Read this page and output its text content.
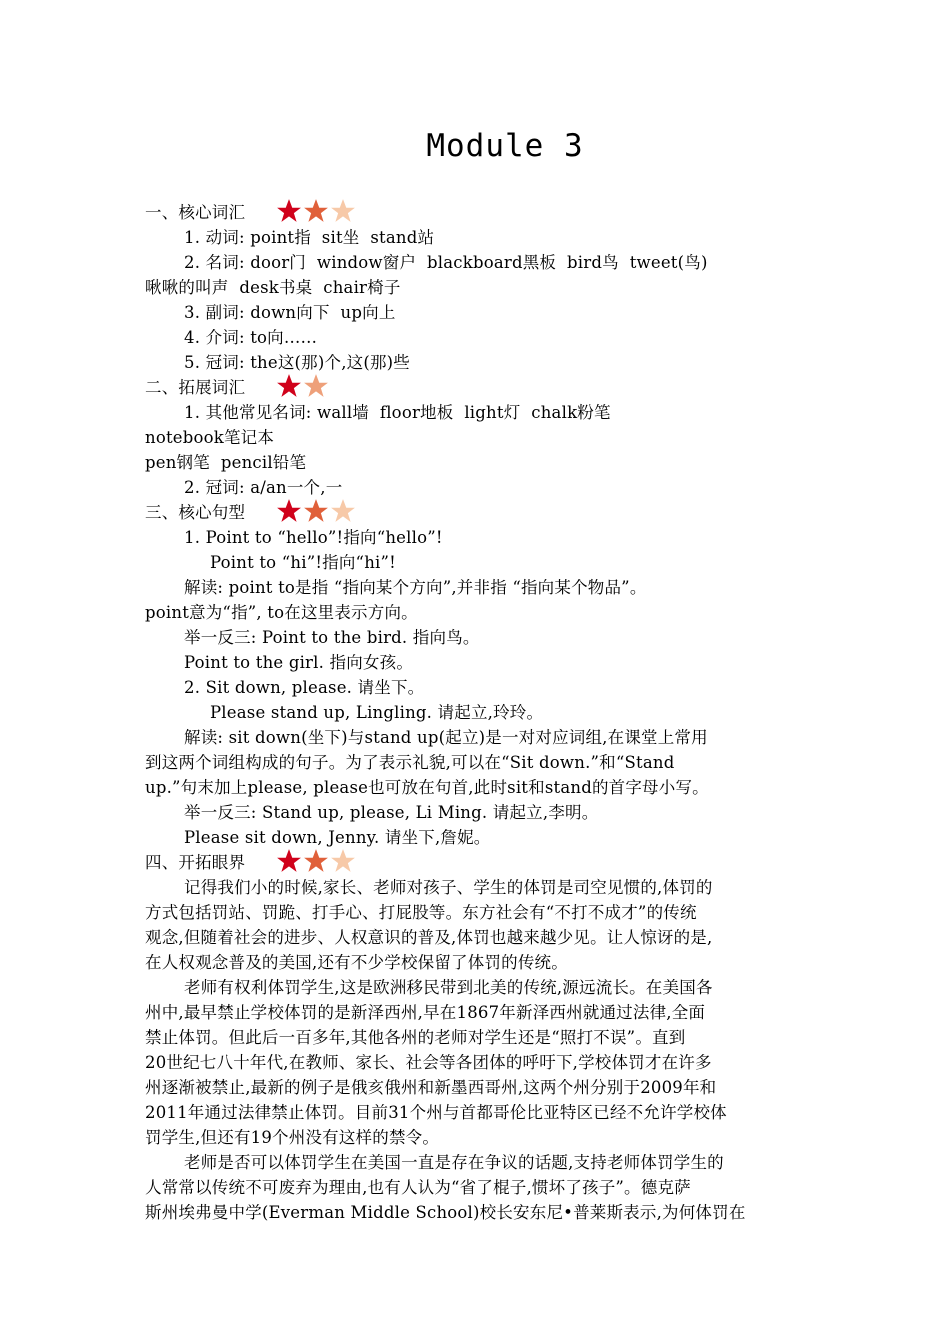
Module 3
一、核心词汇

1. 动词: point指  sit坐  stand站
2. 名词: door门  window窗户  blackboard黑板  bird鸟  tweet(鸟)
啾啾的叫声  desk书桌  chair椅子
3. 副词: down向下  up向上
4. 介词: to向……
5. 冠词: the这(那)个,这(那)些
二、拓展词汇

1. 其他常见名词: wall墙  floor地板  light灯  chalk粉笔
notebook笔记本
pen钢笔  pencil铅笔
2. 冠词: a/an一个,一
三、核心句型

1. Point to “hello”!指向“hello”!
Point to “hi”!指向“hi”!
解读: point to是指 “指向某个方向”,并非指 “指向某个物品”。
point意为“指”, to在这里表示方向。
举一反三: Point to the bird. 指向鸟。
Point to the girl. 指向女孩。
2. Sit down, please. 请坐下。
Please stand up, Lingling. 请起立,玲玲。
解读: sit down(坐下)与stand up(起立)是一对对应词组,在课堂上常用
到这两个词组构成的句子。为了表示礼貌,可以在“Sit down.”和“Stand
up.”句末加上please, please也可放在句首,此时sit和stand的首字母小写。
举一反三: Stand up, please, Li Ming. 请起立,李明。
Please sit down, Jenny. 请坐下,詹妮。
四、开拓眼界

记得我们小的时候,家长、老师对孩子、学生的体罚是司空见惯的,体罚的
方式包括罚站、罚跪、打手心、打屁股等。东方社会有“不打不成才”的传统
观念,但随着社会的进步、人权意识的普及,体罚也越来越少见。让人惊讶的是,
在人权观念普及的美国,还有不少学校保留了体罚的传统。
老师有权利体罚学生,这是欧洲移民带到北美的传统,源远流长。在美国各
州中,最早禁止学校体罚的是新泽西州,早在1867年新泽西州就通过法律,全面
禁止体罚。但此后一百多年,其他各州的老师对学生还是“照打不误”。直到
20世纪七八十年代,在教师、家长、社会等各团体的呼吁下,学校体罚才在许多
州逐渐被禁止,最新的例子是俄亥俄州和新墨西哥州,这两个州分别于2009年和
2011年通过法律禁止体罚。目前31个州与首都哥伦比亚特区已经不允许学校体
罚学生,但还有19个州没有这样的禁令。
老师是否可以体罚学生在美国一直是存在争议的话题,支持老师体罚学生的
人常常以传统不可废弃为理由,也有人认为“省了棍子,惯坏了孩子”。德克萨
斯州埃弗曼中学(Everman Middle School)校长安东尼•普莱斯表示,为何体罚在
